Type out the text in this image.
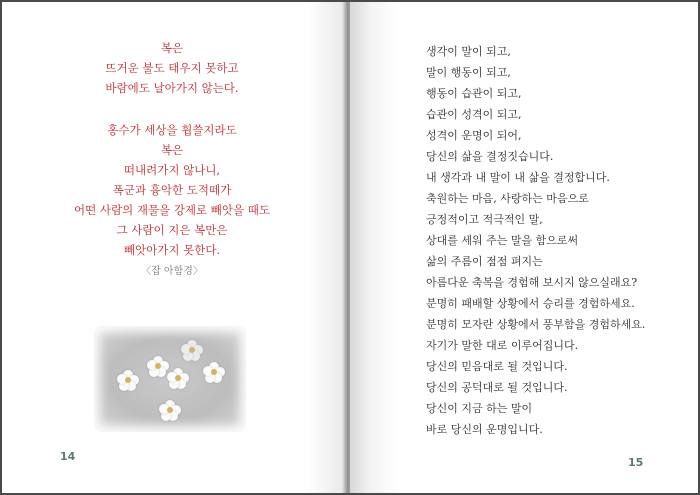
복은
뜨거운 불도 태우지 못하고
바람에도 날아가지 않는다.
홍수가 세상을 휩쓸지라도
복은
떠내려가지 않나니,
폭군과 흉악한 도적떼가
어떤 사람의 재물을 강제로 빼앗을 때도
그 사람이 지은 복만은
빼앗아가지 못한다.
〈잡 아함경〉
14	15
생각이 말이 되고,
말이 행동이 되고,
행동이 습관이 되고,
습관이 성격이 되고,
성격이 운명이 되어,
당신의 삶을 결정짓습니다.
내 생각과 내 말이 내 삶을 결정합니다.
축원하는 마음, 사랑하는 마음으로
긍정적이고 적극적인 말,
상대를 세워 주는 말을 함으로써
삶의 주름이 점점 펴지는
아름다운 축복을 경험해 보시지 않으실래요?
분명히 패배할 상황에서 승리를 경험하세요.
분명히 모자란 상황에서 풍부함을 경험하세요.
자기가 말한 대로 이루어집니다.
당신의 믿음대로 될 것입니다.
당신의 공덕대로 될 것입니다.
당신이 지금 하는 말이
바로 당신의 운명입니다.
